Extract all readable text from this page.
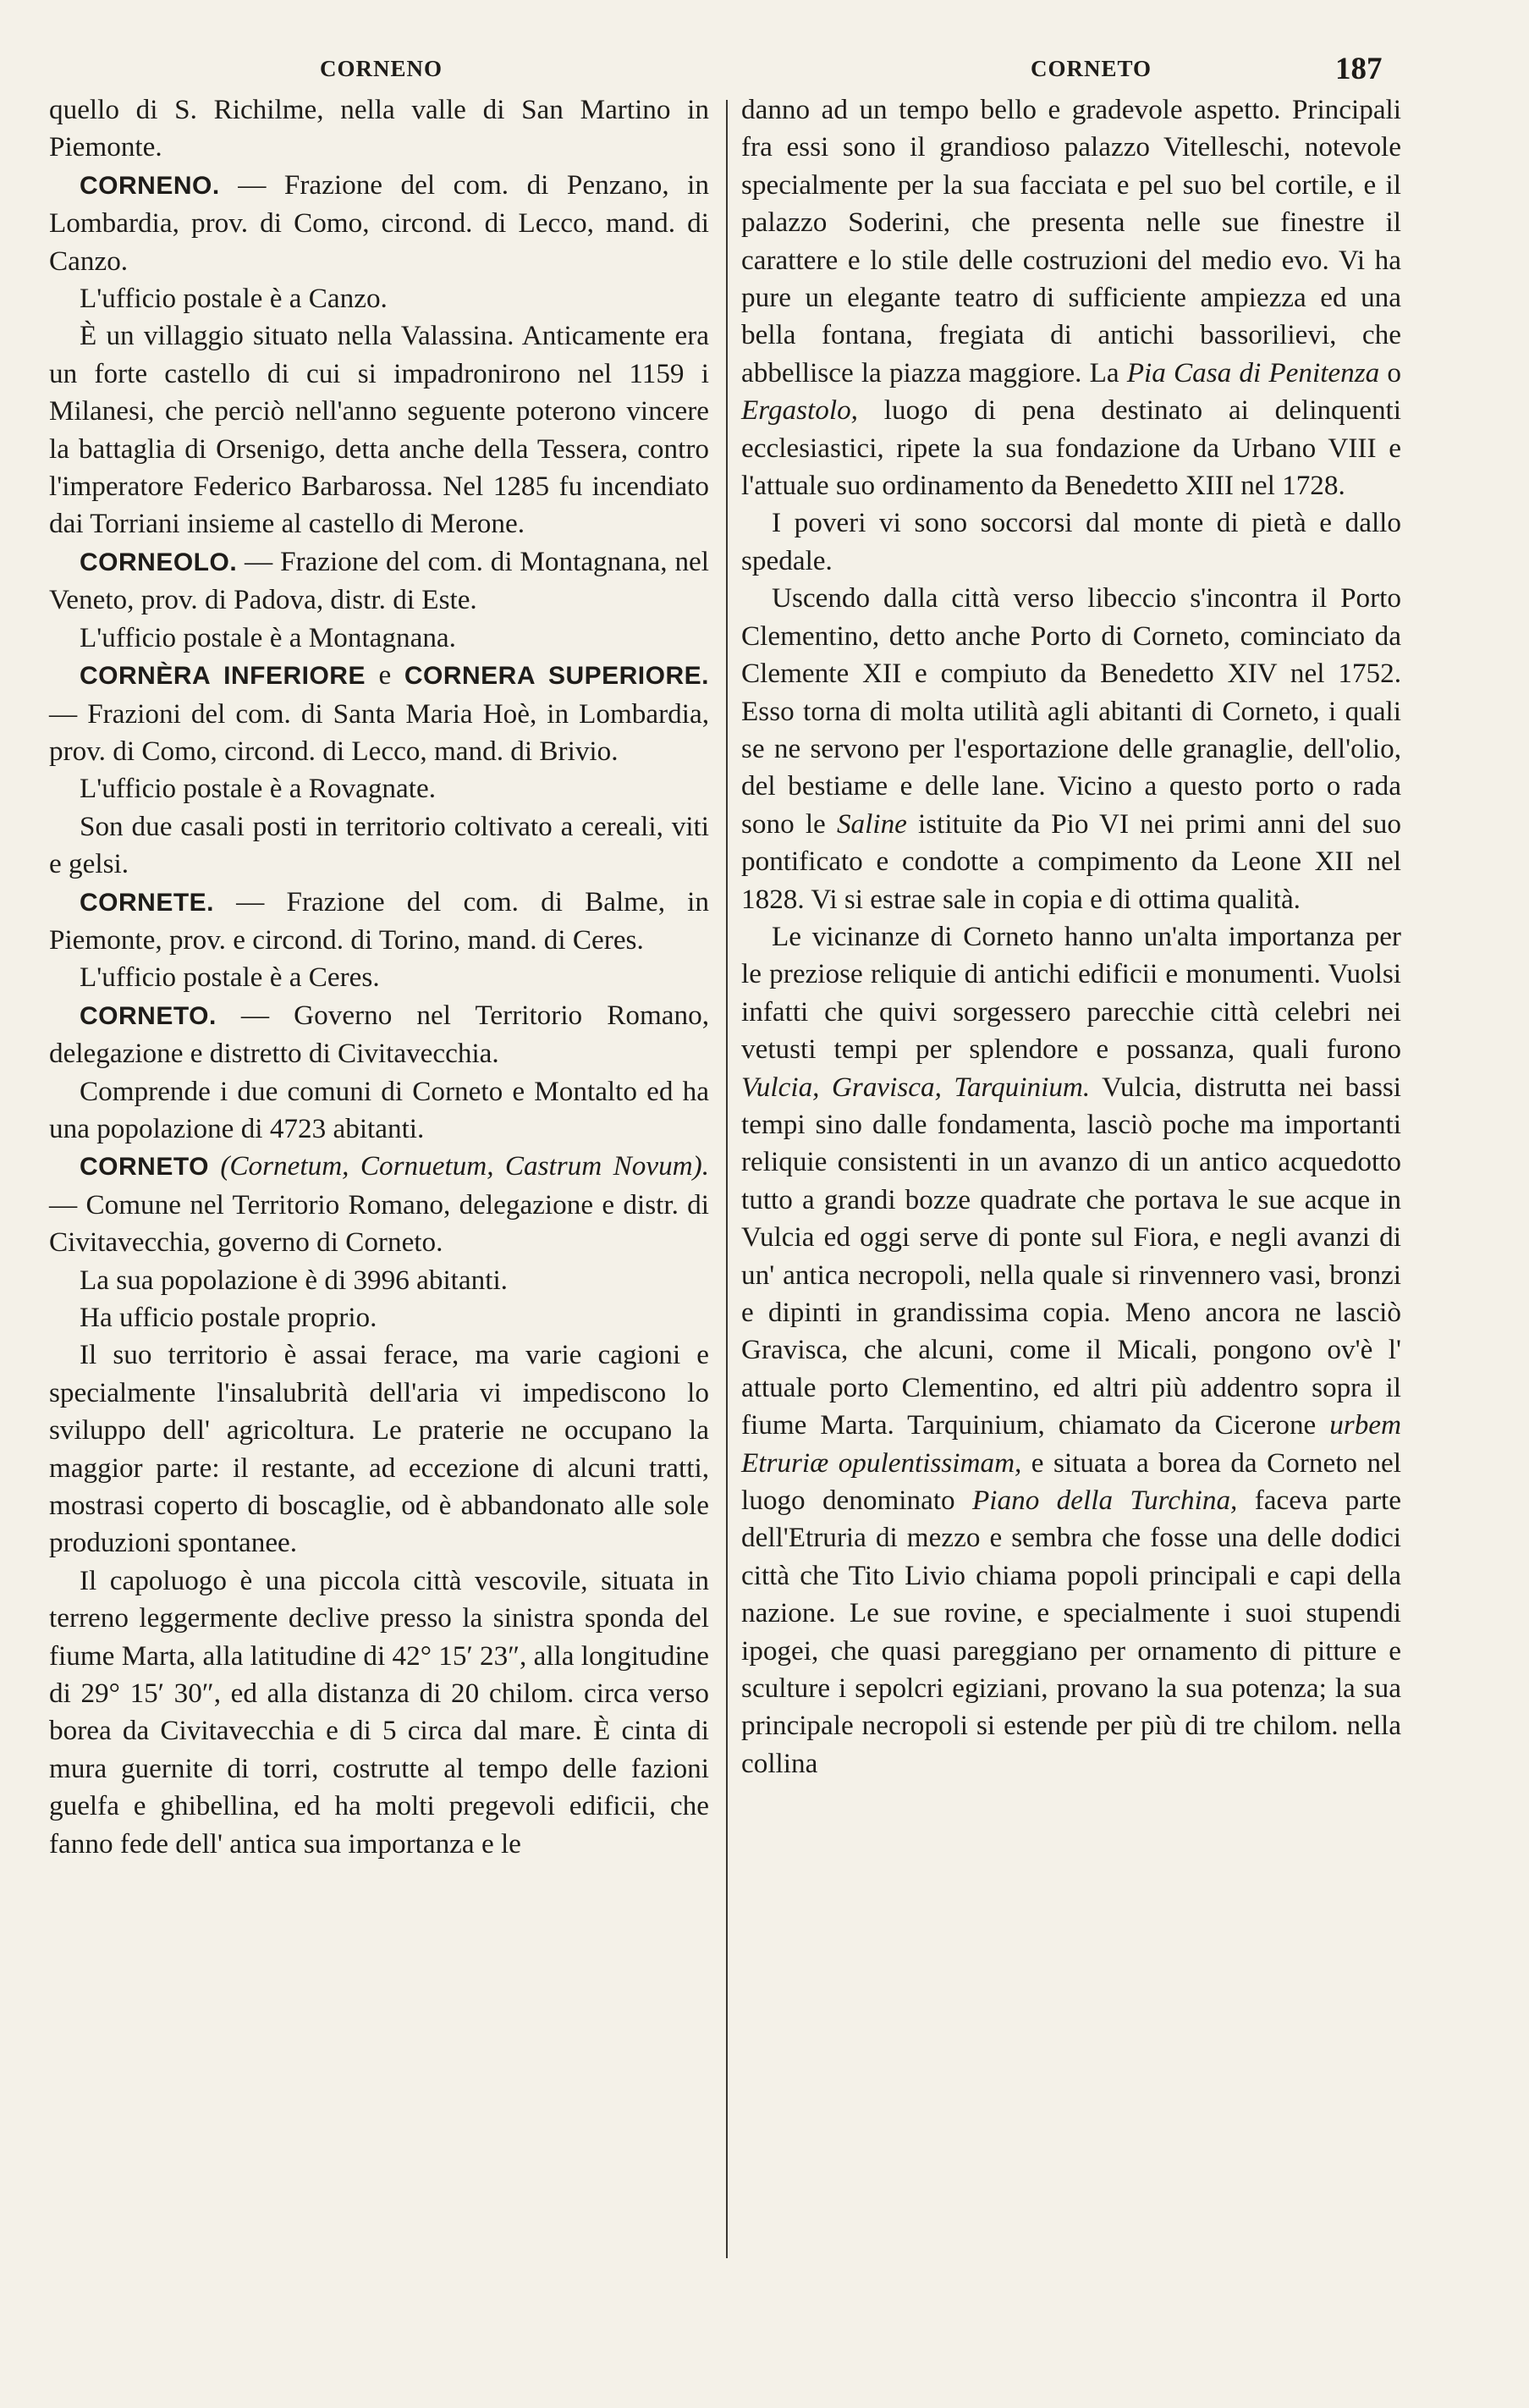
CORNENO	CORNETO	187

quello di S. Richilme, nella valle di San Martino in Piemonte.

CORNENO. — Frazione del com. di Penzano, in Lombardia, prov. di Como, circond. di Lecco, mand. di Canzo.

L'ufficio postale è a Canzo.

È un villaggio situato nella Valassina. Anticamente era un forte castello di cui si impadronirono nel 1159 i Milanesi, che perciò nell'anno seguente poterono vincere la battaglia di Orsenigo, detta anche della Tessera, contro l'imperatore Federico Barbarossa. Nel 1285 fu incendiato dai Torriani insieme al castello di Merone.

CORNEOLO. — Frazione del com. di Montagnana, nel Veneto, prov. di Padova, distr. di Este.

L'ufficio postale è a Montagnana.

CORNÈRA INFERIORE e CORNERA SUPERIORE. — Frazioni del com. di Santa Maria Hoè, in Lombardia, prov. di Como, circond. di Lecco, mand. di Brivio.

L'ufficio postale è a Rovagnate.

Son due casali posti in territorio coltivato a cereali, viti e gelsi.

CORNETE. — Frazione del com. di Balme, in Piemonte, prov. e circond. di Torino, mand. di Ceres.

L'ufficio postale è a Ceres.

CORNETO. — Governo nel Territorio Romano, delegazione e distretto di Civitavecchia.

Comprende i due comuni di Corneto e Montalto ed ha una popolazione di 4723 abitanti.

CORNETO (Cornetum, Cornuetum, Castrum Novum). — Comune nel Territorio Romano, delegazione e distr. di Civitavecchia, governo di Corneto.

La sua popolazione è di 3996 abitanti.

Ha ufficio postale proprio.

Il suo territorio è assai ferace, ma varie cagioni e specialmente l'insalubrità dell'aria vi impediscono lo sviluppo dell' agricoltura. Le praterie ne occupano la maggior parte: il restante, ad eccezione di alcuni tratti, mostrasi coperto di boscaglie, od è abbandonato alle sole produzioni spontanee.

Il capoluogo è una piccola città vescovile, situata in terreno leggermente declive presso la sinistra sponda del fiume Marta, alla latitudine di 42° 15′ 23″, alla longitudine di 29° 15′ 30″, ed alla distanza di 20 chilom. circa verso borea da Civitavecchia e di 5 circa dal mare. È cinta di mura guernite di torri, costrutte al tempo delle fazioni guelfa e ghibellina, ed ha molti pregevoli edificii, che fanno fede dell' antica sua importanza e le

danno ad un tempo bello e gradevole aspetto. Principali fra essi sono il grandioso palazzo Vitelleschi, notevole specialmente per la sua facciata e pel suo bel cortile, e il palazzo Soderini, che presenta nelle sue finestre il carattere e lo stile delle costruzioni del medio evo. Vi ha pure un elegante teatro di sufficiente ampiezza ed una bella fontana, fregiata di antichi bassorilievi, che abbellisce la piazza maggiore. La Pia Casa di Penitenza o Ergastolo, luogo di pena destinato ai delinquenti ecclesiastici, ripete la sua fondazione da Urbano VIII e l'attuale suo ordinamento da Benedetto XIII nel 1728.

I poveri vi sono soccorsi dal monte di pietà e dallo spedale.

Uscendo dalla città verso libeccio s'incontra il Porto Clementino, detto anche Porto di Corneto, cominciato da Clemente XII e compiuto da Benedetto XIV nel 1752. Esso torna di molta utilità agli abitanti di Corneto, i quali se ne servono per l'esportazione delle granaglie, dell'olio, del bestiame e delle lane. Vicino a questo porto o rada sono le Saline istituite da Pio VI nei primi anni del suo pontificato e condotte a compimento da Leone XII nel 1828. Vi si estrae sale in copia e di ottima qualità.

Le vicinanze di Corneto hanno un'alta importanza per le preziose reliquie di antichi edificii e monumenti. Vuolsi infatti che quivi sorgessero parecchie città celebri nei vetusti tempi per splendore e possanza, quali furono Vulcia, Gravisca, Tarquinium. Vulcia, distrutta nei bassi tempi sino dalle fondamenta, lasciò poche ma importanti reliquie consistenti in un avanzo di un antico acquedotto tutto a grandi bozze quadrate che portava le sue acque in Vulcia ed oggi serve di ponte sul Fiora, e negli avanzi di un' antica necropoli, nella quale si rinvennero vasi, bronzi e dipinti in grandissima copia. Meno ancora ne lasciò Gravisca, che alcuni, come il Micali, pongono ov'è l' attuale porto Clementino, ed altri più addentro sopra il fiume Marta. Tarquinium, chiamato da Cicerone urbem Etruriæ opulentissimam, e situata a borea da Corneto nel luogo denominato Piano della Turchina, faceva parte dell'Etruria di mezzo e sembra che fosse una delle dodici città che Tito Livio chiama popoli principali e capi della nazione. Le sue rovine, e specialmente i suoi stupendi ipogei, che quasi pareggiano per ornamento di pitture e sculture i sepolcri egiziani, provano la sua potenza; la sua principale necropoli si estende per più di tre chilom. nella collina
